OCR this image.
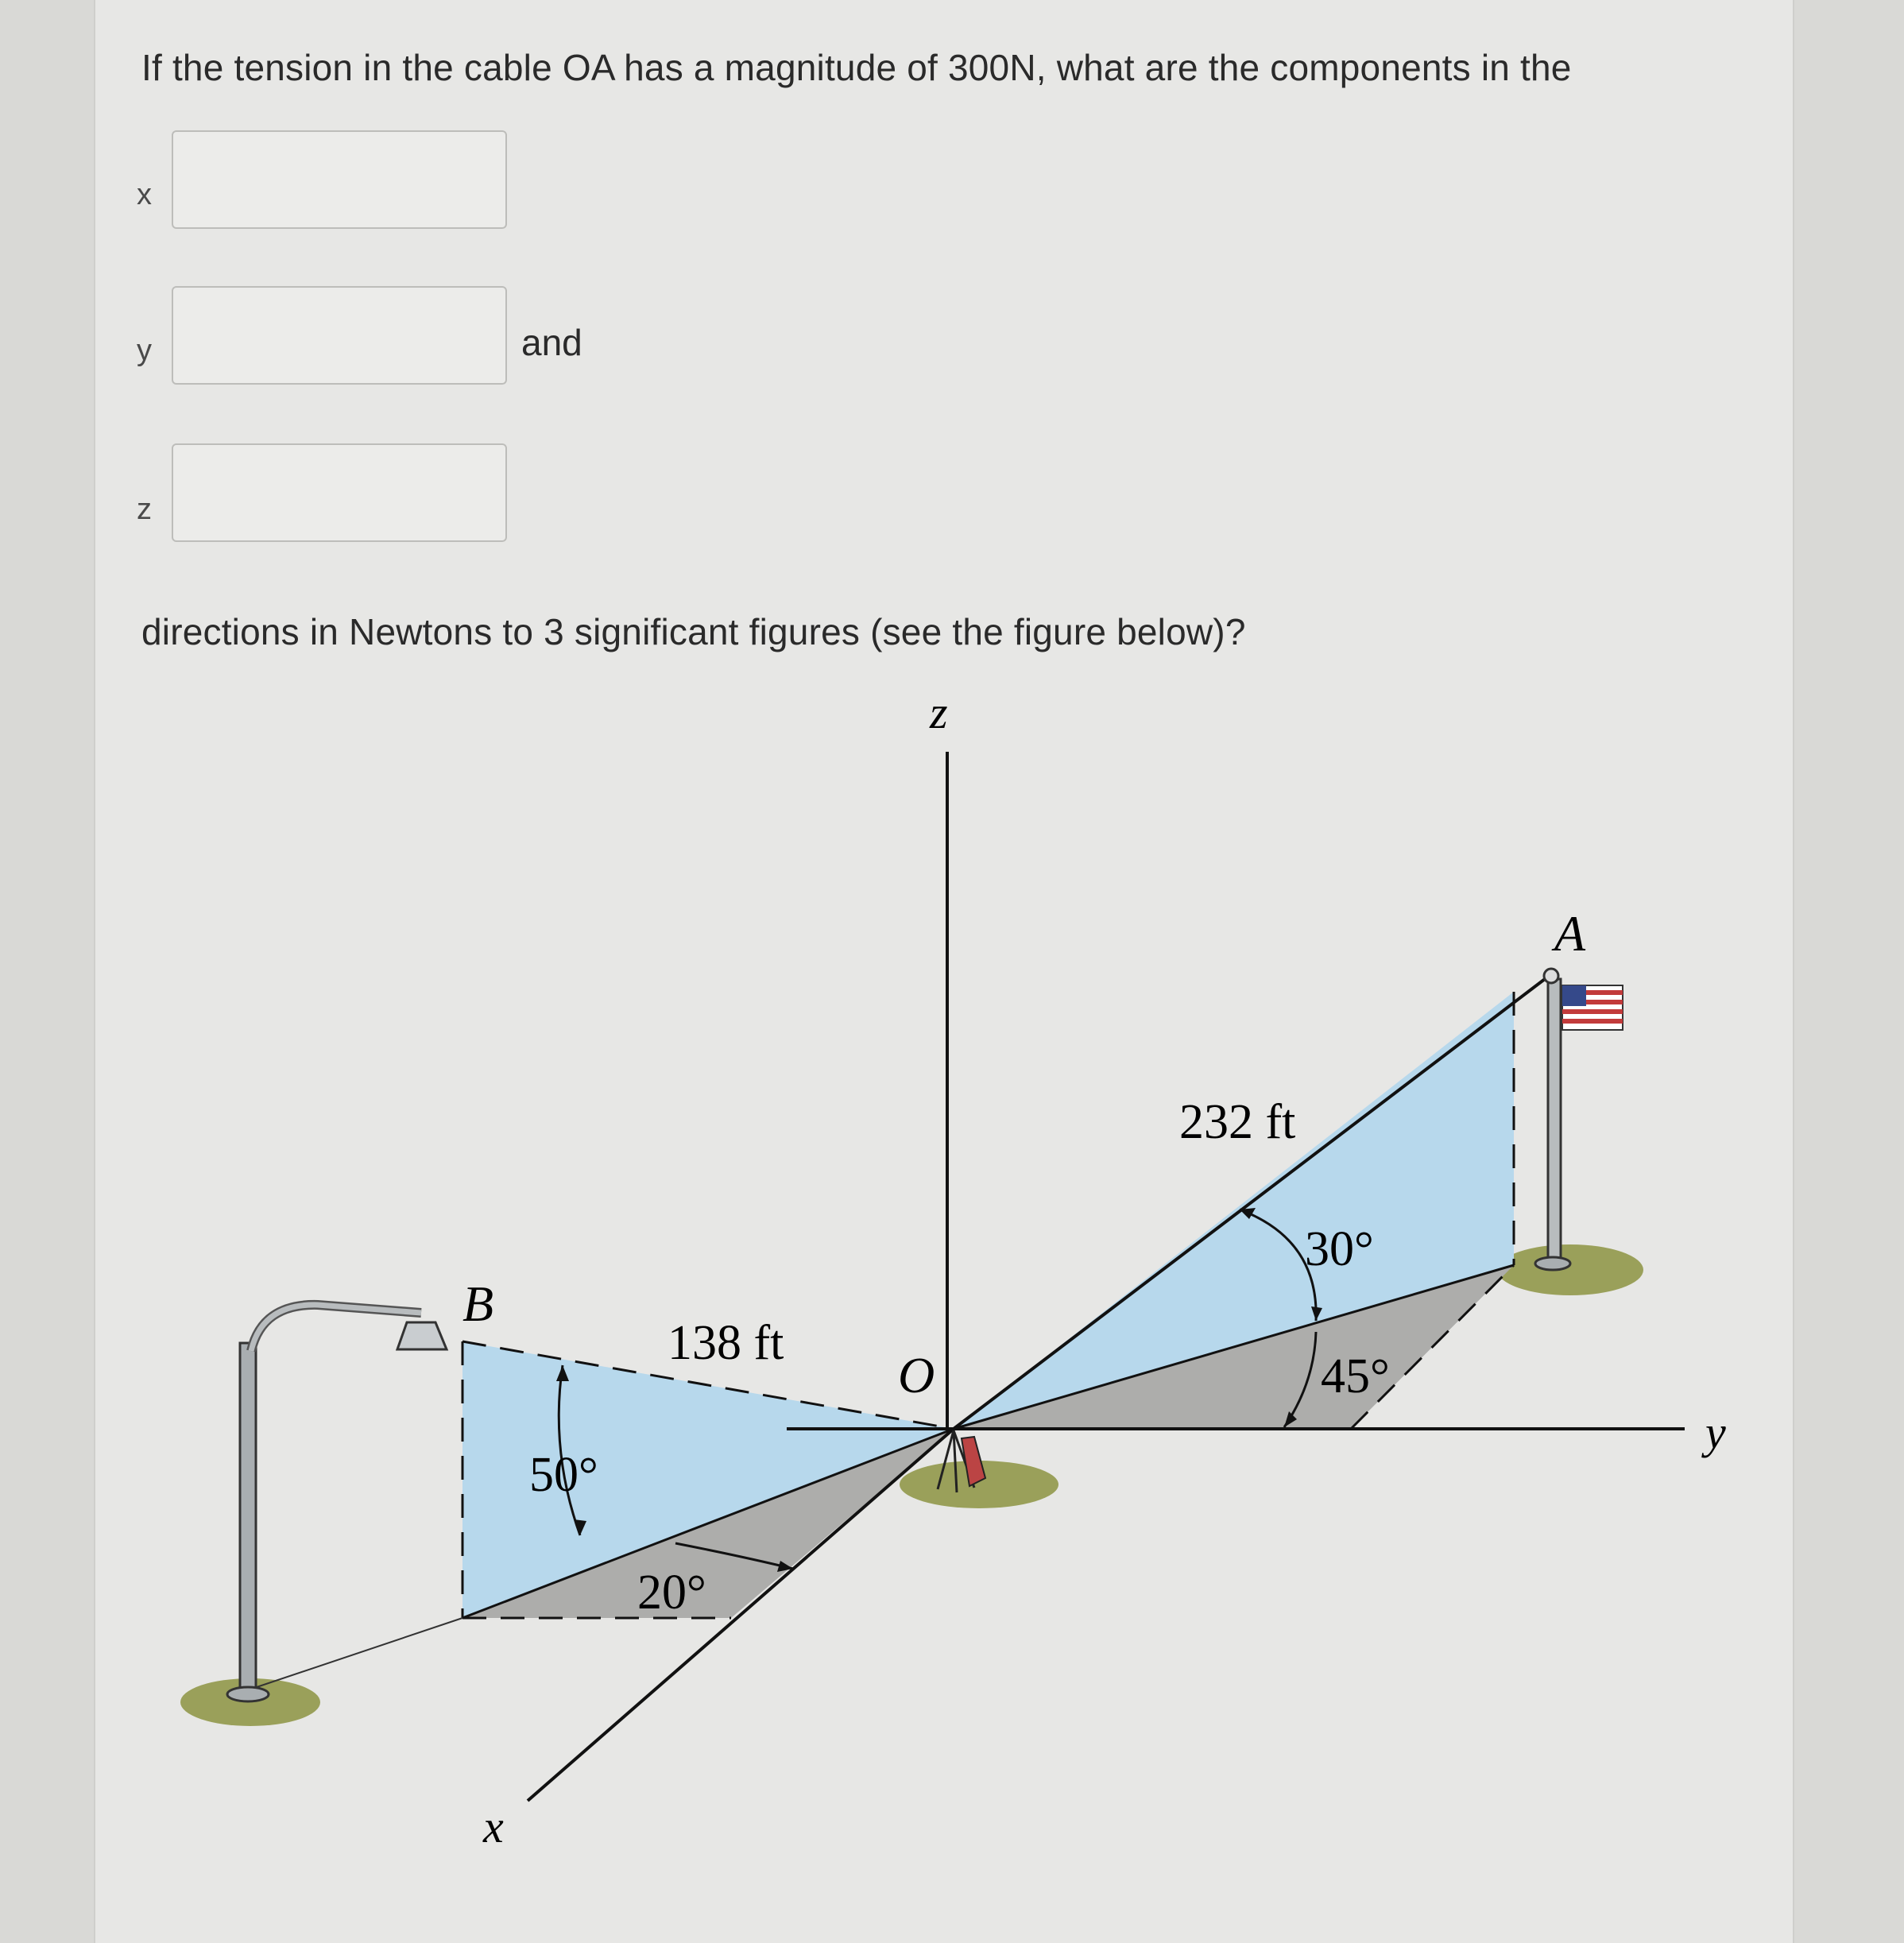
If the tension in the cable OA has a magnitude of 300N, what are the components in the
x
y	and
z
directions in Newtons to 3 significant figures (see the figure below)?
z
y
x
O
A
B
232 ft
138 ft
30°
45°
50°
20°
